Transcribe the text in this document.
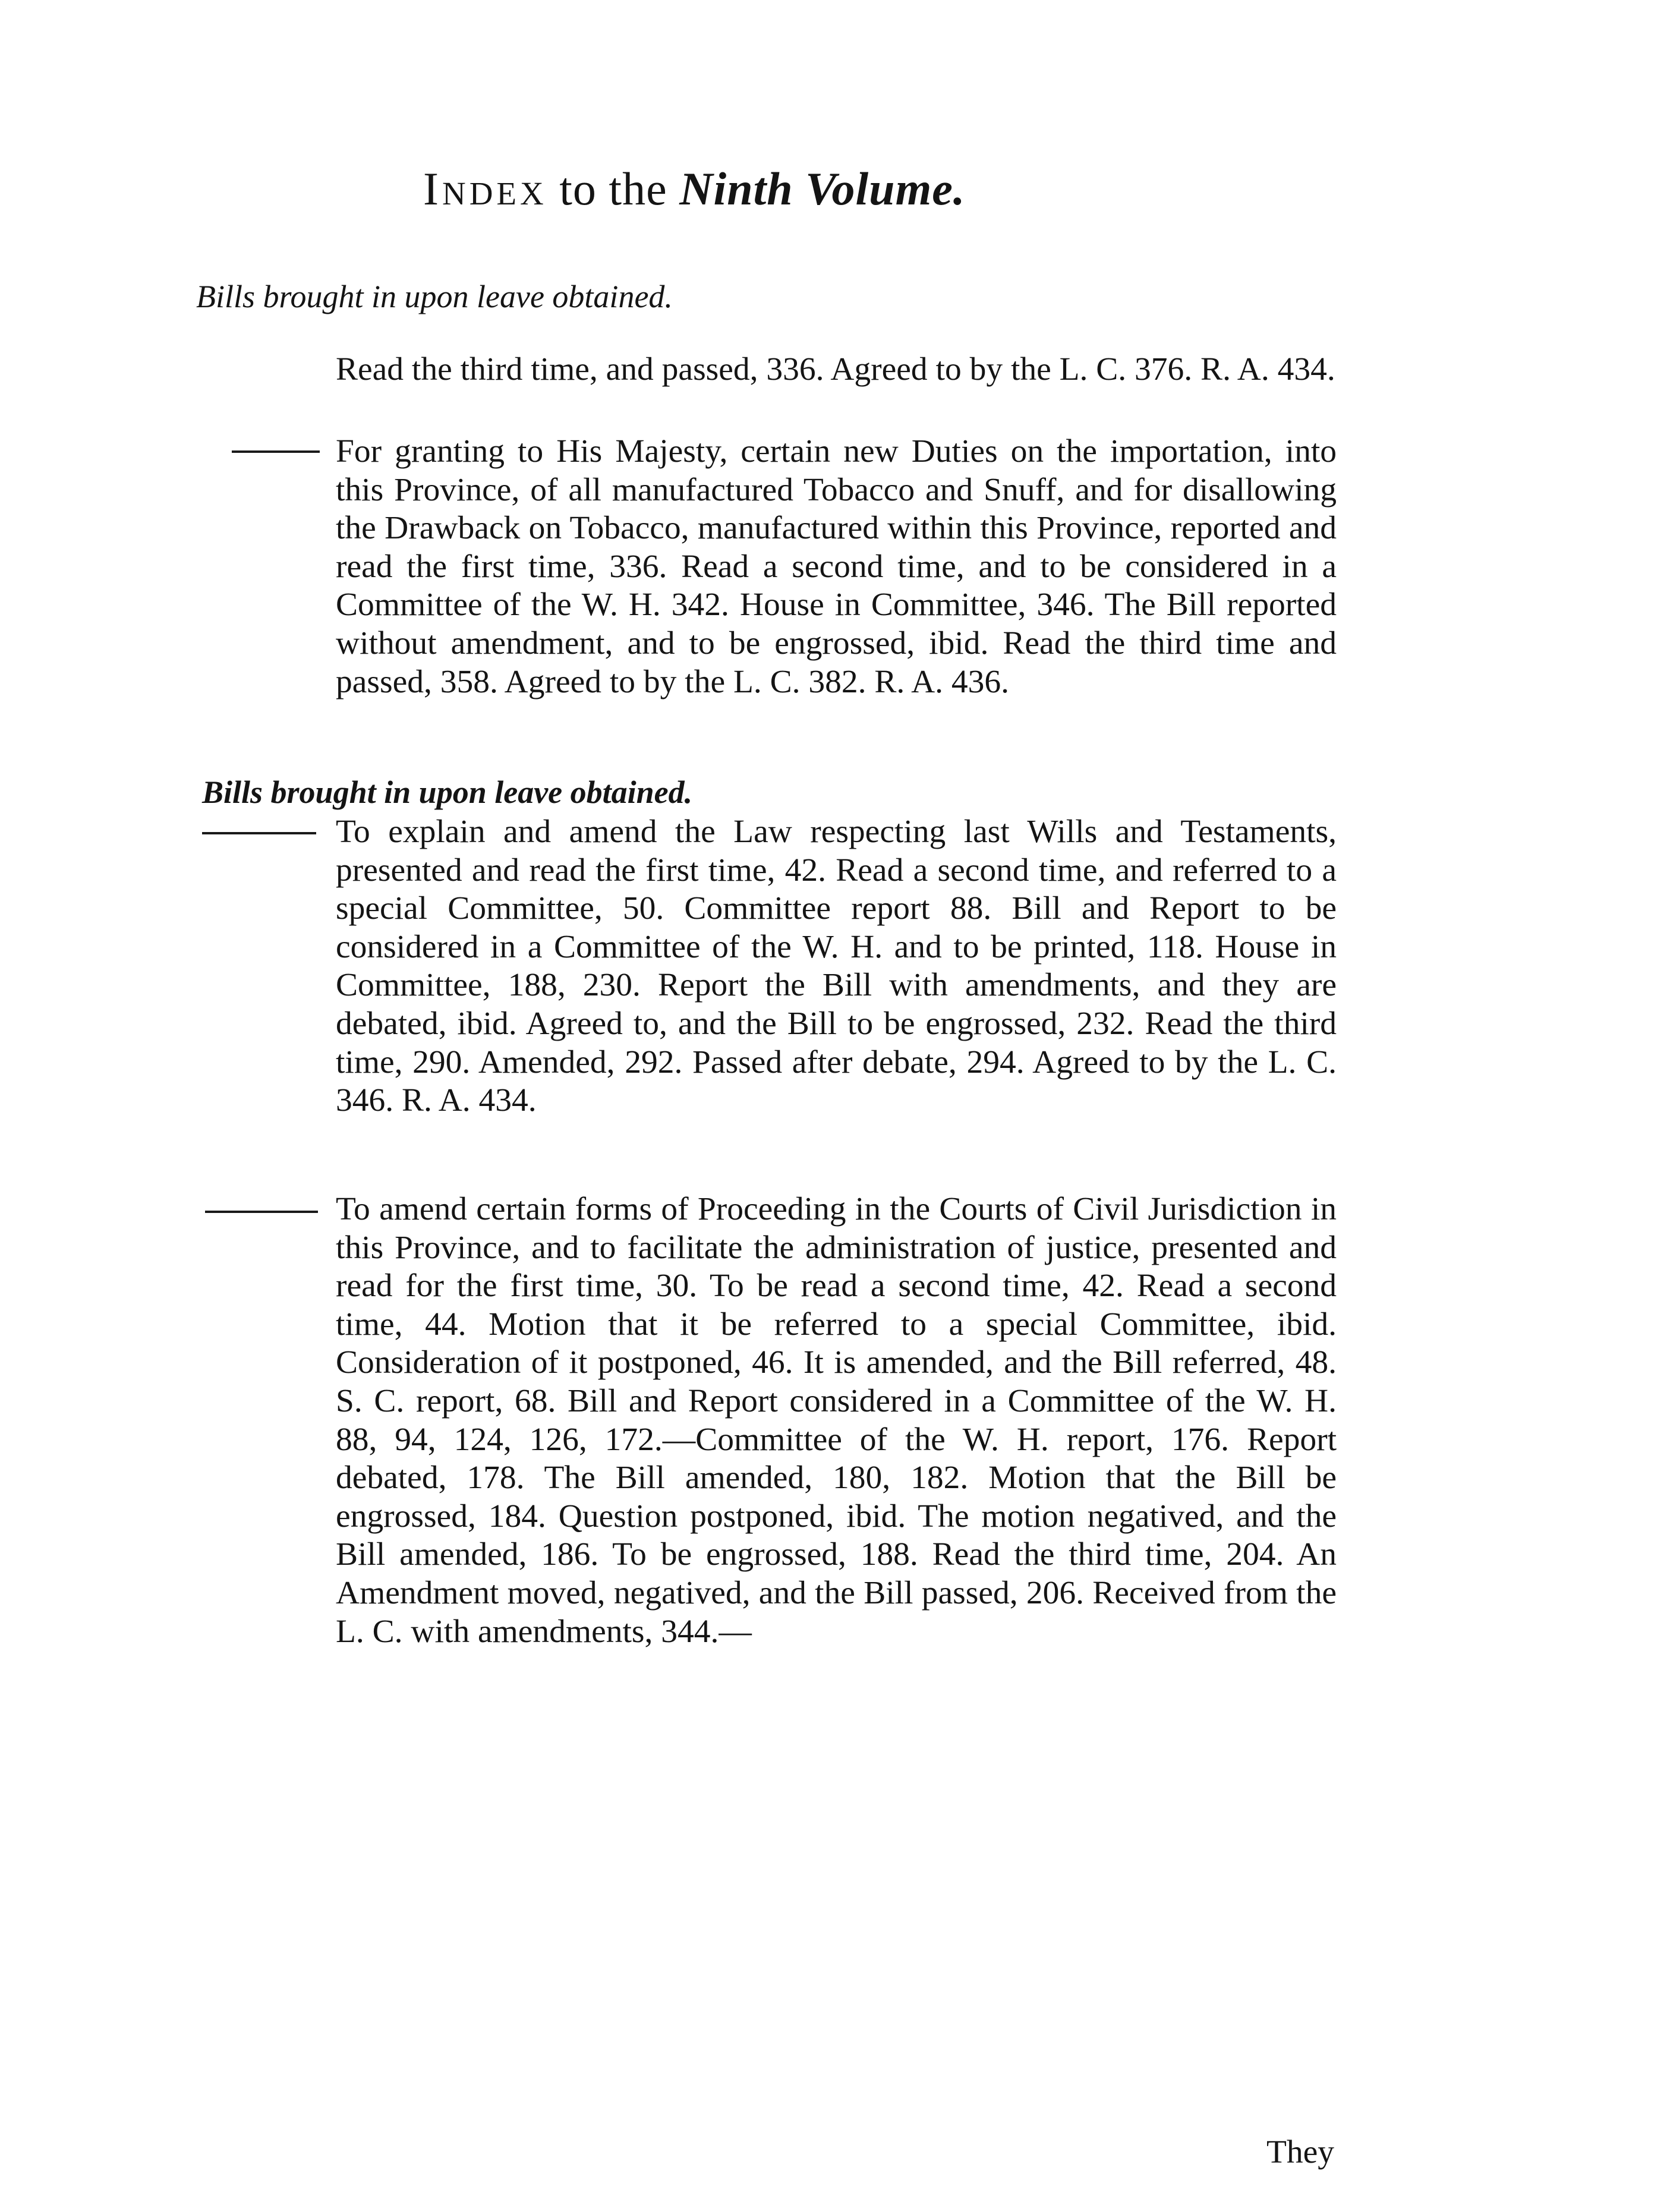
Index to the Ninth Volume.
Bills brought in upon leave obtained.
Read the third time, and passed, 336. Agreed to by the L. C. 376. R. A. 434.
For granting to His Majesty, certain new Duties on the importation, into this Province, of all manufactured Tobacco and Snuff, and for disallowing the Drawback on Tobacco, manufactured within this Province, reported and read the first time, 336. Read a second time, and to be considered in a Committee of the W. H. 342. House in Committee, 346. The Bill reported without amendment, and to be engrossed, ibid. Read the third time and passed, 358. Agreed to by the L. C. 382. R. A. 436.
Bills brought in upon leave obtained.
To explain and amend the Law respecting last Wills and Testaments, presented and read the first time, 42. Read a second time, and referred to a special Committee, 50. Committee report 88. Bill and Report to be considered in a Committee of the W. H. and to be printed, 118. House in Committee, 188, 230. Report the Bill with amendments, and they are debated, ibid. Agreed to, and the Bill to be engrossed, 232. Read the third time, 290. Amended, 292. Passed after debate, 294. Agreed to by the L. C. 346. R. A. 434.
To amend certain forms of Proceeding in the Courts of Civil Jurisdiction in this Province, and to facilitate the administration of justice, presented and read for the first time, 30. To be read a second time, 42. Read a second time, 44. Motion that it be referred to a special Committee, ibid. Consideration of it postponed, 46. It is amended, and the Bill referred, 48. S. C. report, 68. Bill and Report considered in a Committee of the W. H. 88, 94, 124, 126, 172.—Committee of the W. H. report, 176. Report debated, 178. The Bill amended, 180, 182. Motion that the Bill be engrossed, 184. Question postponed, ibid. The motion negatived, and the Bill amended, 186. To be engrossed, 188. Read the third time, 204. An Amendment moved, negatived, and the Bill passed, 206. Received from the L. C. with amendments, 344.—
They
